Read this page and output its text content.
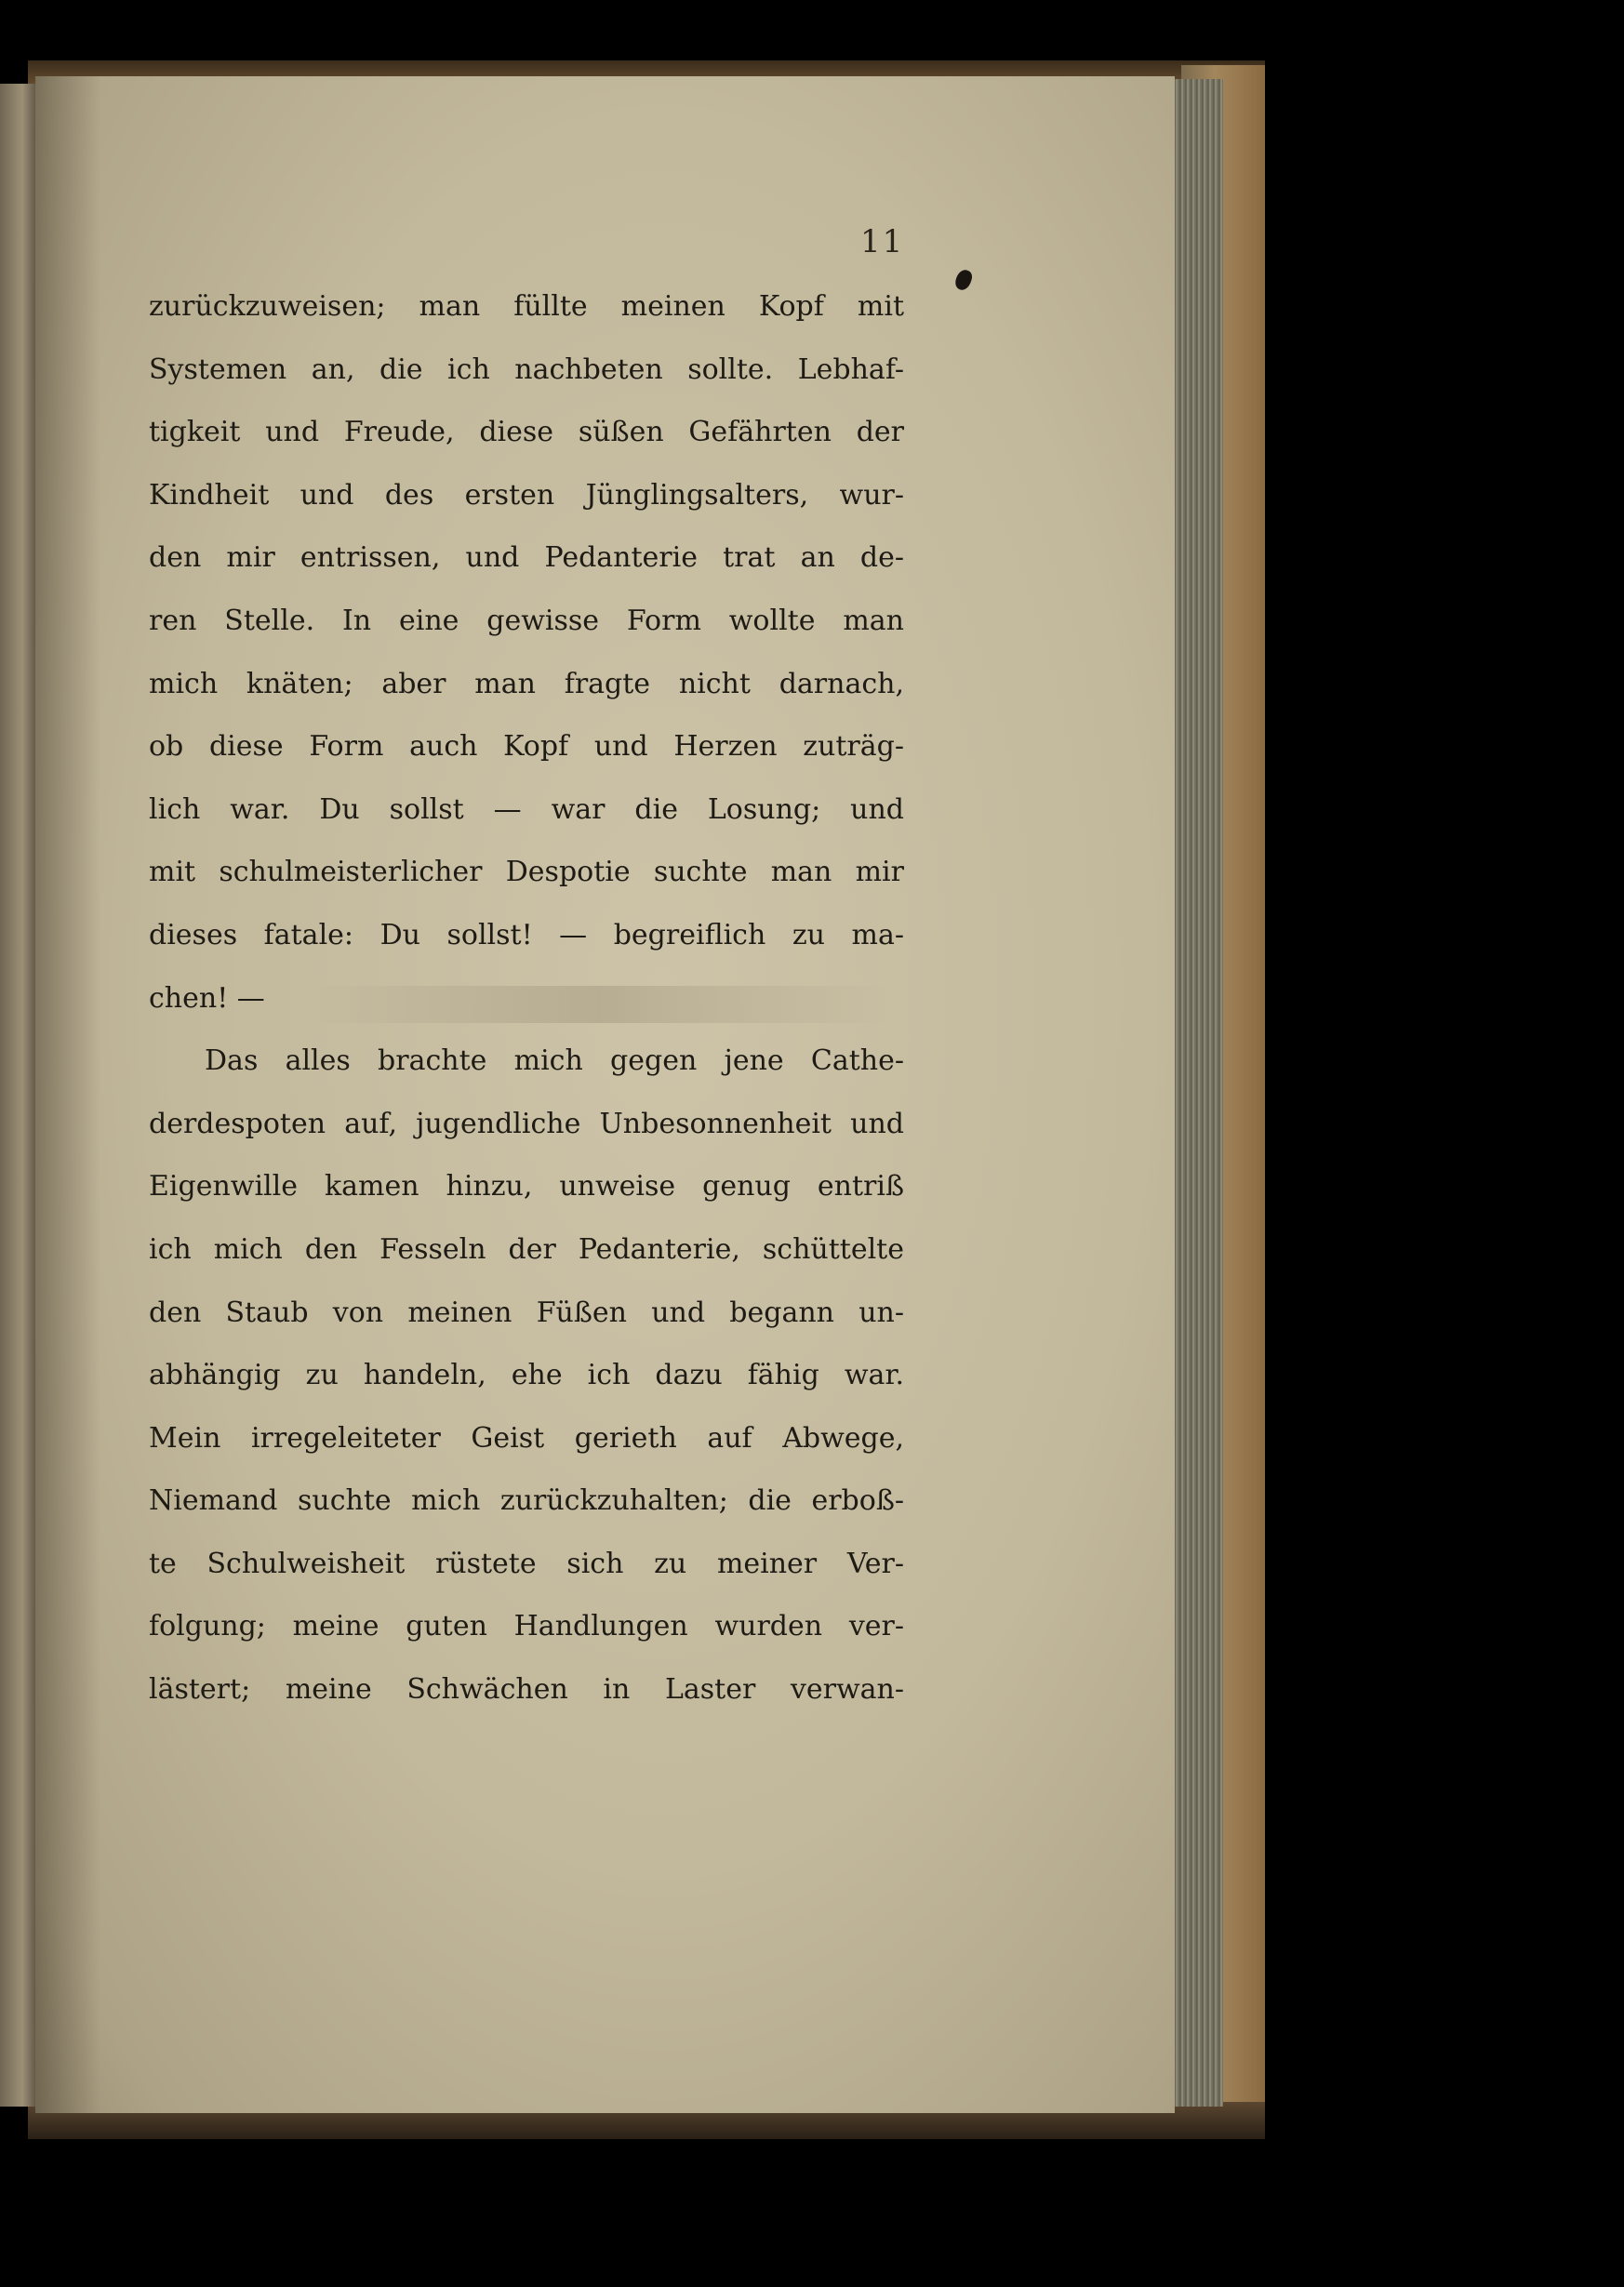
11
zurückzuweisen; man füllte meinen Kopf mit
Systemen an, die ich nachbeten sollte. Lebhaf-
tigkeit und Freude, diese süßen Gefährten der
Kindheit und des ersten Jünglingsalters, wur-
den mir entrissen, und Pedanterie trat an de-
ren Stelle. In eine gewisse Form wollte man
mich knäten; aber man fragte nicht darnach,
ob diese Form auch Kopf und Herzen zuträg-
lich war. Du sollst — war die Losung; und
mit schulmeisterlicher Despotie suchte man mir
dieses fatale: Du sollst! — begreiflich zu ma-
chen! —
Das alles brachte mich gegen jene Cathe-
derdespoten auf, jugendliche Unbesonnenheit und
Eigenwille kamen hinzu, unweise genug entriß
ich mich den Fesseln der Pedanterie, schüttelte
den Staub von meinen Füßen und begann un-
abhängig zu handeln, ehe ich dazu fähig war.
Mein irregeleiteter Geist gerieth auf Abwege,
Niemand suchte mich zurückzuhalten; die erboß-
te Schulweisheit rüstete sich zu meiner Ver-
folgung; meine guten Handlungen wurden ver-
lästert; meine Schwächen in Laster verwan-
